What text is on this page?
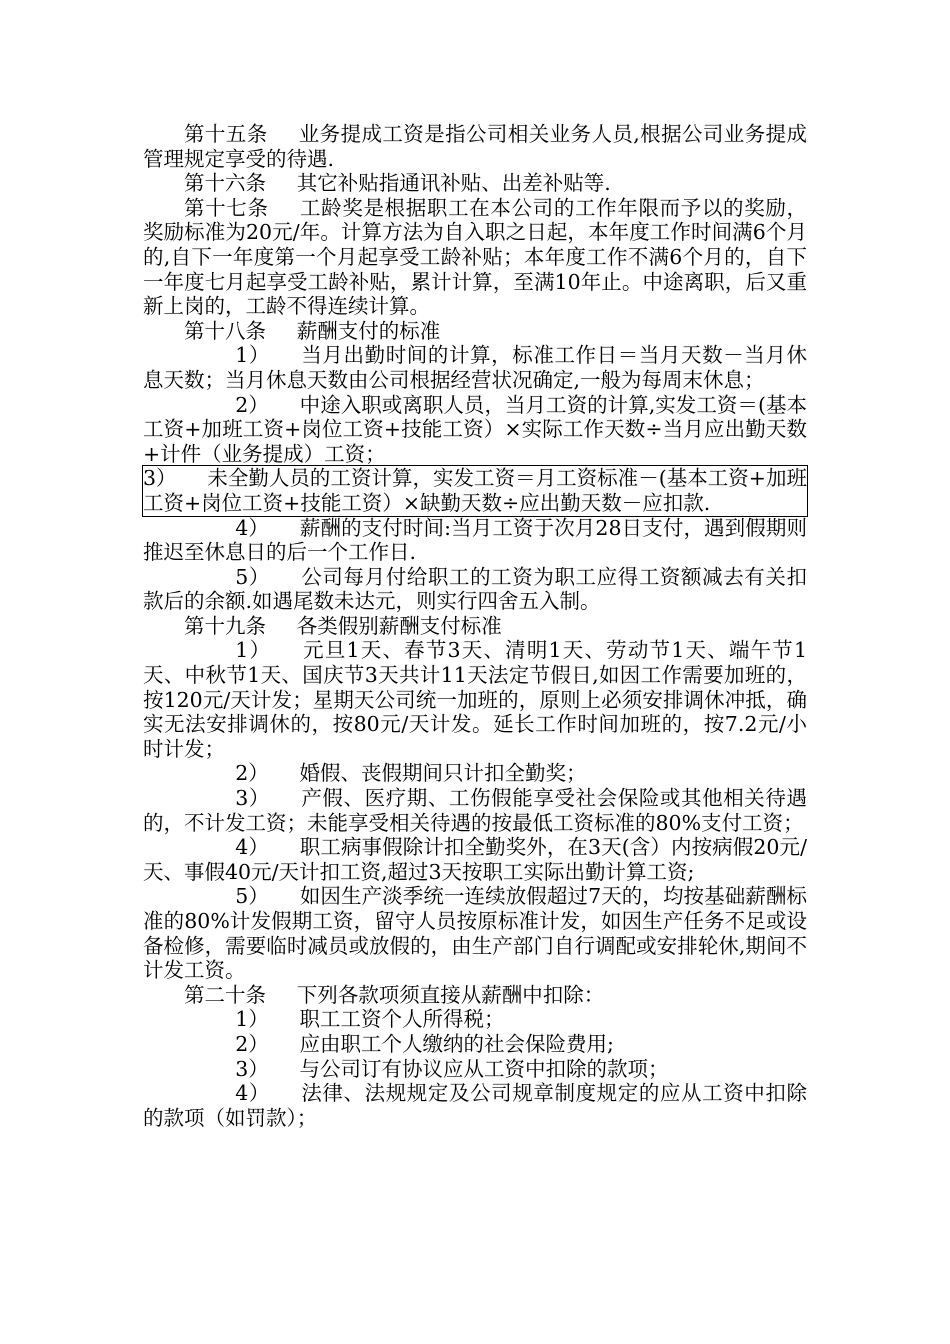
第十五条 业务提成工资是指公司相关业务人员,根据公司业务提成管理规定享受的待遇.

第十六条 其它补贴指通讯补贴、出差补贴等.

第十七条 工龄奖是根据职工在本公司的工作年限而予以的奖励，奖励标准为20元/年。计算方法为自入职之日起，本年度工作时间满6个月的,自下一年度第一个月起享受工龄补贴；本年度工作不满6个月的，自下一年度七月起享受工龄补贴，累计计算，至满10年止。中途离职，后又重新上岗的，工龄不得连续计算。

第十八条 薪酬支付的标准

1） 当月出勤时间的计算，标准工作日＝当月天数－当月休息天数；当月休息天数由公司根据经营状况确定,一般为每周末休息；

2） 中途入职或离职人员，当月工资的计算,实发工资＝(基本工资+加班工资+岗位工资+技能工资）×实际工作天数÷当月应出勤天数+计件（业务提成）工资；

3） 未全勤人员的工资计算，实发工资＝月工资标准－(基本工资+加班工资+岗位工资+技能工资）×缺勤天数÷应出勤天数－应扣款.

4） 薪酬的支付时间:当月工资于次月28日支付，遇到假期则推迟至休息日的后一个工作日.

5） 公司每月付给职工的工资为职工应得工资额减去有关扣款后的余额.如遇尾数未达元，则实行四舍五入制。

第十九条 各类假别薪酬支付标准

1） 元旦1天、春节3天、清明1天、劳动节1天、端午节1天、中秋节1天、国庆节3天共计11天法定节假日,如因工作需要加班的，按120元/天计发；星期天公司统一加班的，原则上必须安排调休冲抵，确实无法安排调休的，按80元/天计发。延长工作时间加班的，按7.2元/小时计发；

2） 婚假、丧假期间只计扣全勤奖；

3） 产假、医疗期、工伤假能享受社会保险或其他相关待遇的，不计发工资；未能享受相关待遇的按最低工资标准的80%支付工资；

4） 职工病事假除计扣全勤奖外，在3天(含）内按病假20元/天、事假40元/天计扣工资,超过3天按职工实际出勤计算工资;

5） 如因生产淡季统一连续放假超过7天的，均按基础薪酬标准的80%计发假期工资，留守人员按原标准计发，如因生产任务不足或设备检修，需要临时减员或放假的，由生产部门自行调配或安排轮休,期间不计发工资。

第二十条 下列各款项须直接从薪酬中扣除：

1） 职工工资个人所得税；

2） 应由职工个人缴纳的社会保险费用;

3） 与公司订有协议应从工资中扣除的款项；

4） 法律、法规规定及公司规章制度规定的应从工资中扣除的款项（如罚款）；
